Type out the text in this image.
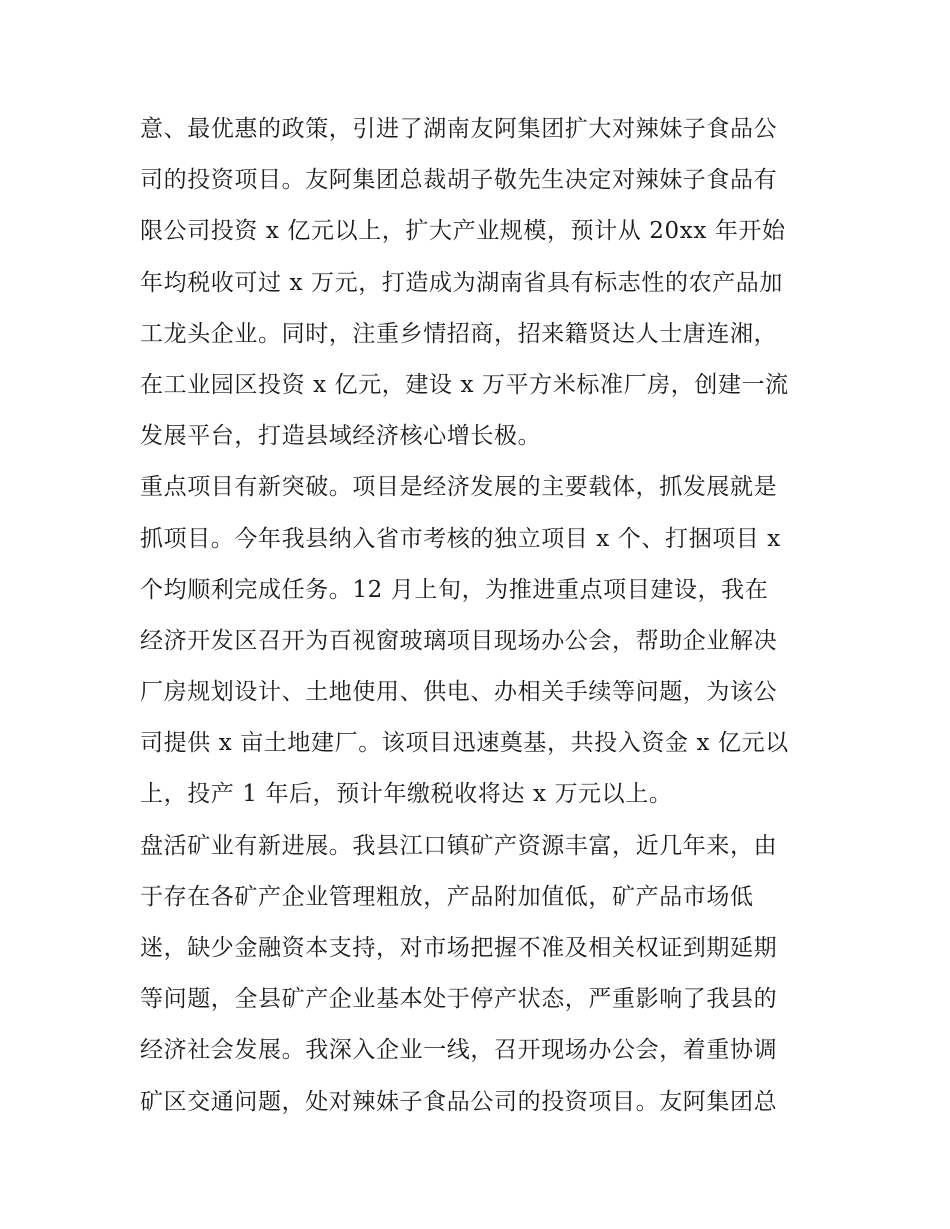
意、最优惠的政策，引进了湖南友阿集团扩大对辣妹子食品公
司的投资项目。友阿集团总裁胡子敬先生决定对辣妹子食品有
限公司投资 x 亿元以上，扩大产业规模，预计从 20xx 年开始
年均税收可过 x 万元，打造成为湖南省具有标志性的农产品加
工龙头企业。同时，注重乡情招商，招来籍贤达人士唐连湘，
在工业园区投资 x 亿元，建设 x 万平方米标准厂房，创建一流
发展平台，打造县域经济核心增长极。
重点项目有新突破。项目是经济发展的主要载体，抓发展就是
抓项目。今年我县纳入省市考核的独立项目 x 个、打捆项目 x
个均顺利完成任务。12 月上旬，为推进重点项目建设，我在
经济开发区召开为百视窗玻璃项目现场办公会，帮助企业解决
厂房规划设计、土地使用、供电、办相关手续等问题，为该公
司提供 x 亩土地建厂。该项目迅速奠基，共投入资金 x 亿元以
上，投产 1 年后，预计年缴税收将达 x 万元以上。
盘活矿业有新进展。我县江口镇矿产资源丰富，近几年来，由
于存在各矿产企业管理粗放，产品附加值低，矿产品市场低
迷，缺少金融资本支持，对市场把握不准及相关权证到期延期
等问题，全县矿产企业基本处于停产状态，严重影响了我县的
经济社会发展。我深入企业一线，召开现场办公会，着重协调
矿区交通问题，处对辣妹子食品公司的投资项目。友阿集团总
